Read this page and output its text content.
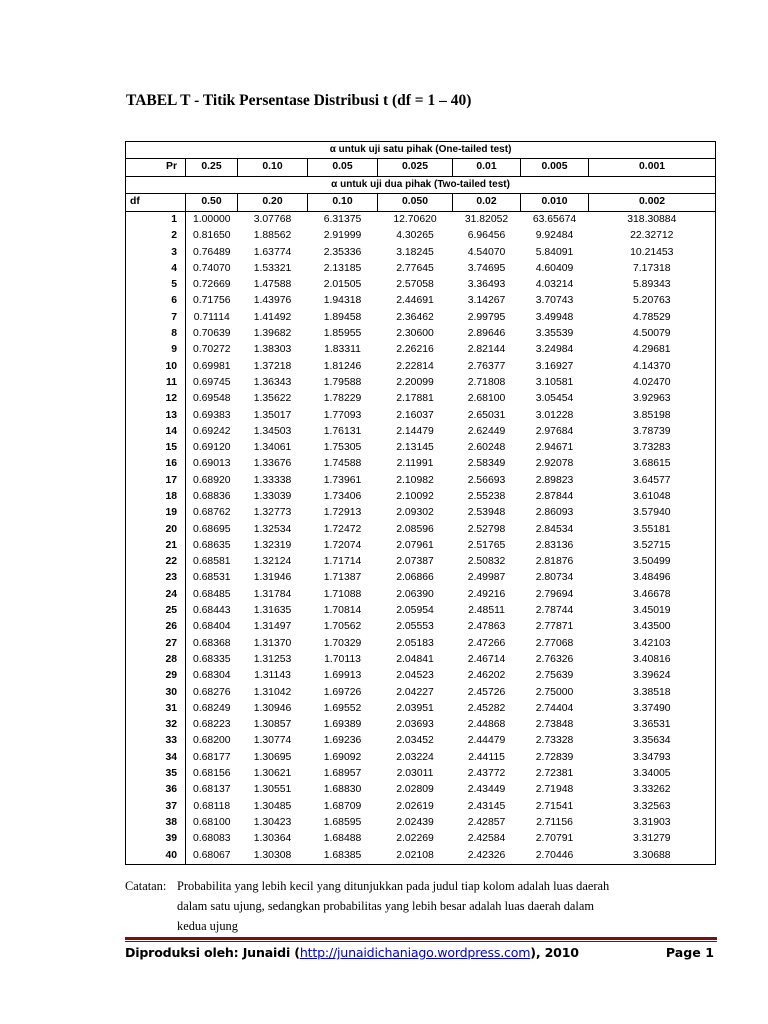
TABEL T - Titik Persentase Distribusi t (df = 1 – 40)
α untuk uji satu pihak (One-tailed test)							
Pr	0.25	0.10	0.05	0.025	0.01	0.005	0.001
α untuk uji dua pihak (Two-tailed test)							
df	0.50	0.20	0.10	0.050	0.02	0.010	0.002
1	1.00000	3.07768	6.31375	12.70620	31.82052	63.65674	318.30884
2	0.81650	1.88562	2.91999	4.30265	6.96456	9.92484	22.32712
3	0.76489	1.63774	2.35336	3.18245	4.54070	5.84091	10.21453
4	0.74070	1.53321	2.13185	2.77645	3.74695	4.60409	7.17318
5	0.72669	1.47588	2.01505	2.57058	3.36493	4.03214	5.89343
6	0.71756	1.43976	1.94318	2.44691	3.14267	3.70743	5.20763
7	0.71114	1.41492	1.89458	2.36462	2.99795	3.49948	4.78529
8	0.70639	1.39682	1.85955	2.30600	2.89646	3.35539	4.50079
9	0.70272	1.38303	1.83311	2.26216	2.82144	3.24984	4.29681
10	0.69981	1.37218	1.81246	2.22814	2.76377	3.16927	4.14370
11	0.69745	1.36343	1.79588	2.20099	2.71808	3.10581	4.02470
12	0.69548	1.35622	1.78229	2.17881	2.68100	3.05454	3.92963
13	0.69383	1.35017	1.77093	2.16037	2.65031	3.01228	3.85198
14	0.69242	1.34503	1.76131	2.14479	2.62449	2.97684	3.78739
15	0.69120	1.34061	1.75305	2.13145	2.60248	2.94671	3.73283
16	0.69013	1.33676	1.74588	2.11991	2.58349	2.92078	3.68615
17	0.68920	1.33338	1.73961	2.10982	2.56693	2.89823	3.64577
18	0.68836	1.33039	1.73406	2.10092	2.55238	2.87844	3.61048
19	0.68762	1.32773	1.72913	2.09302	2.53948	2.86093	3.57940
20	0.68695	1.32534	1.72472	2.08596	2.52798	2.84534	3.55181
21	0.68635	1.32319	1.72074	2.07961	2.51765	2.83136	3.52715
22	0.68581	1.32124	1.71714	2.07387	2.50832	2.81876	3.50499
23	0.68531	1.31946	1.71387	2.06866	2.49987	2.80734	3.48496
24	0.68485	1.31784	1.71088	2.06390	2.49216	2.79694	3.46678
25	0.68443	1.31635	1.70814	2.05954	2.48511	2.78744	3.45019
26	0.68404	1.31497	1.70562	2.05553	2.47863	2.77871	3.43500
27	0.68368	1.31370	1.70329	2.05183	2.47266	2.77068	3.42103
28	0.68335	1.31253	1.70113	2.04841	2.46714	2.76326	3.40816
29	0.68304	1.31143	1.69913	2.04523	2.46202	2.75639	3.39624
30	0.68276	1.31042	1.69726	2.04227	2.45726	2.75000	3.38518
31	0.68249	1.30946	1.69552	2.03951	2.45282	2.74404	3.37490
32	0.68223	1.30857	1.69389	2.03693	2.44868	2.73848	3.36531
33	0.68200	1.30774	1.69236	2.03452	2.44479	2.73328	3.35634
34	0.68177	1.30695	1.69092	2.03224	2.44115	2.72839	3.34793
35	0.68156	1.30621	1.68957	2.03011	2.43772	2.72381	3.34005
36	0.68137	1.30551	1.68830	2.02809	2.43449	2.71948	3.33262
37	0.68118	1.30485	1.68709	2.02619	2.43145	2.71541	3.32563
38	0.68100	1.30423	1.68595	2.02439	2.42857	2.71156	3.31903
39	0.68083	1.30364	1.68488	2.02269	2.42584	2.70791	3.31279
40	0.68067	1.30308	1.68385	2.02108	2.42326	2.70446	3.30688
Catatan: Probabilita yang lebih kecil yang ditunjukkan pada judul tiap kolom adalah luas daerah
dalam satu ujung, sedangkan probabilitas yang lebih besar adalah luas daerah dalam
kedua ujung
Diproduksi oleh: Junaidi (http://junaidichaniago.wordpress.com), 2010	Page 1
